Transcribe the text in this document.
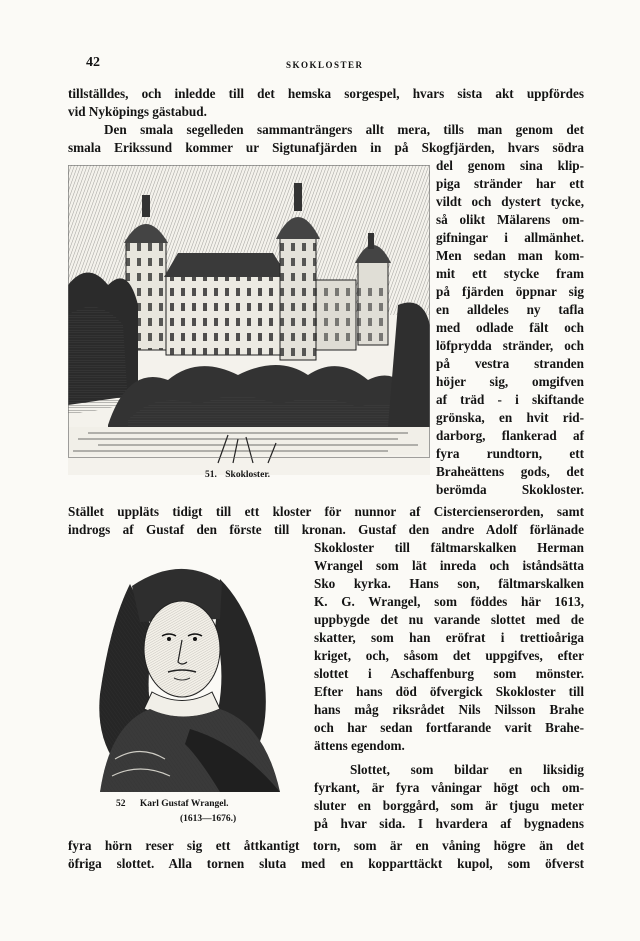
42	SKOKLOSTER
tillställdes, och inledde till det hemska sorgespel, hvars sista akt uppfördes
vid Nyköpings gästabud.
Den smala segelleden sammanträngers allt mera, tills man genom det
smala Erikssund kommer ur Sigtunafjärden in på Skogfjärden, hvars södra
51. Skokloster.
del genom sina klip-
piga stränder har ett
vildt och dystert tycke,
så olikt Mälarens om-
gifningar i allmänhet.
Men sedan man kom-
mit ett stycke fram
på fjärden öppnar sig
en alldeles ny tafla
med odlade fält och
löfprydda stränder, och
på vestra stranden
höjer sig, omgifven
af träd - i skiftande
grönska, en hvit rid-
darborg, flankerad af
fyra rundtorn, ett
Braheättens gods, det
berömda Skokloster.
Stället uppläts tidigt till ett kloster för nunnor af Cistercienserorden, samt
indrogs af Gustaf den förste till kronan. Gustaf den andre Adolf förlänade
52 Karl Gustaf Wrangel.
(1613—1676.)
Skokloster till fältmarskalken Herman
Wrangel som lät inreda och iståndsätta
Sko kyrka. Hans son, fältmarskalken
K. G. Wrangel, som föddes här 1613,
uppbygde det nu varande slottet med de
skatter, som han eröfrat i trettioåriga
kriget, och, såsom det uppgifves, efter
slottet i Aschaffenburg som mönster.
Efter hans död öfvergick Skokloster till
hans måg riksrådet Nils Nilsson Brahe
och har sedan fortfarande varit Brahe-
ättens egendom.
Slottet, som bildar en liksidig
fyrkant, är fyra våningar högt och om-
sluter en borggård, som är tjugu meter
på hvar sida. I hvardera af bygnadens
fyra hörn reser sig ett åttkantigt torn, som är en våning högre än det
öfriga slottet. Alla tornen sluta med en kopparttäckt kupol, som öfverst
